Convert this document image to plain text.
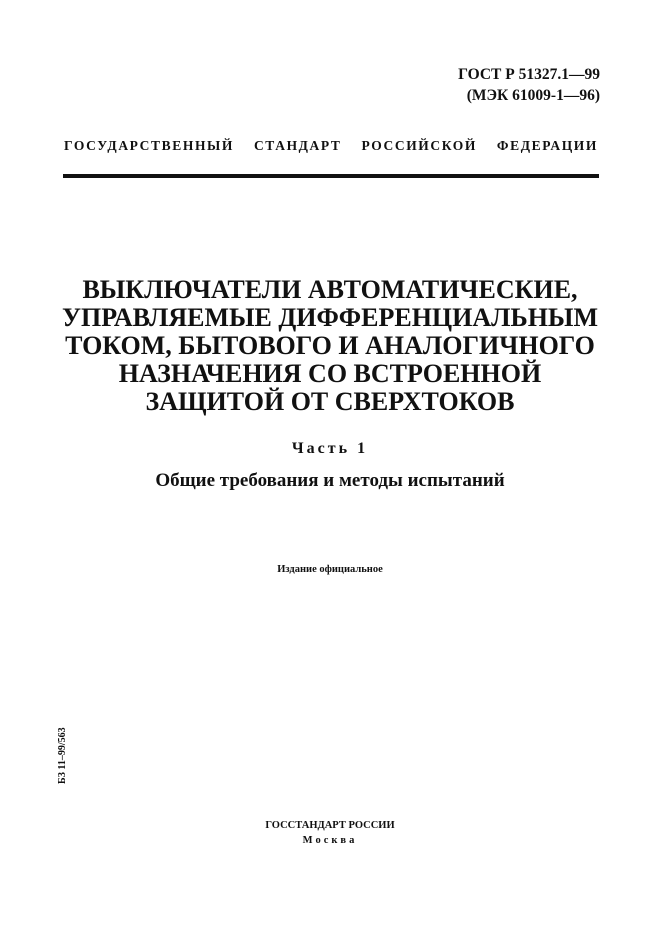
ГОСТ Р 51327.1—99
(МЭК 61009-1—96)
ГОСУДАРСТВЕННЫЙ СТАНДАРТ РОССИЙСКОЙ ФЕДЕРАЦИИ
ВЫКЛЮЧАТЕЛИ АВТОМАТИЧЕСКИЕ,
УПРАВЛЯЕМЫЕ ДИФФЕРЕНЦИАЛЬНЫМ
ТОКОМ, БЫТОВОГО И АНАЛОГИЧНОГО
НАЗНАЧЕНИЯ СО ВСТРОЕННОЙ
ЗАЩИТОЙ ОТ СВЕРХТОКОВ
Часть 1
Общие требования и методы испытаний
Издание официальное
БЗ 11–99/563
ГОССТАНДАРТ РОССИИ
Москва
